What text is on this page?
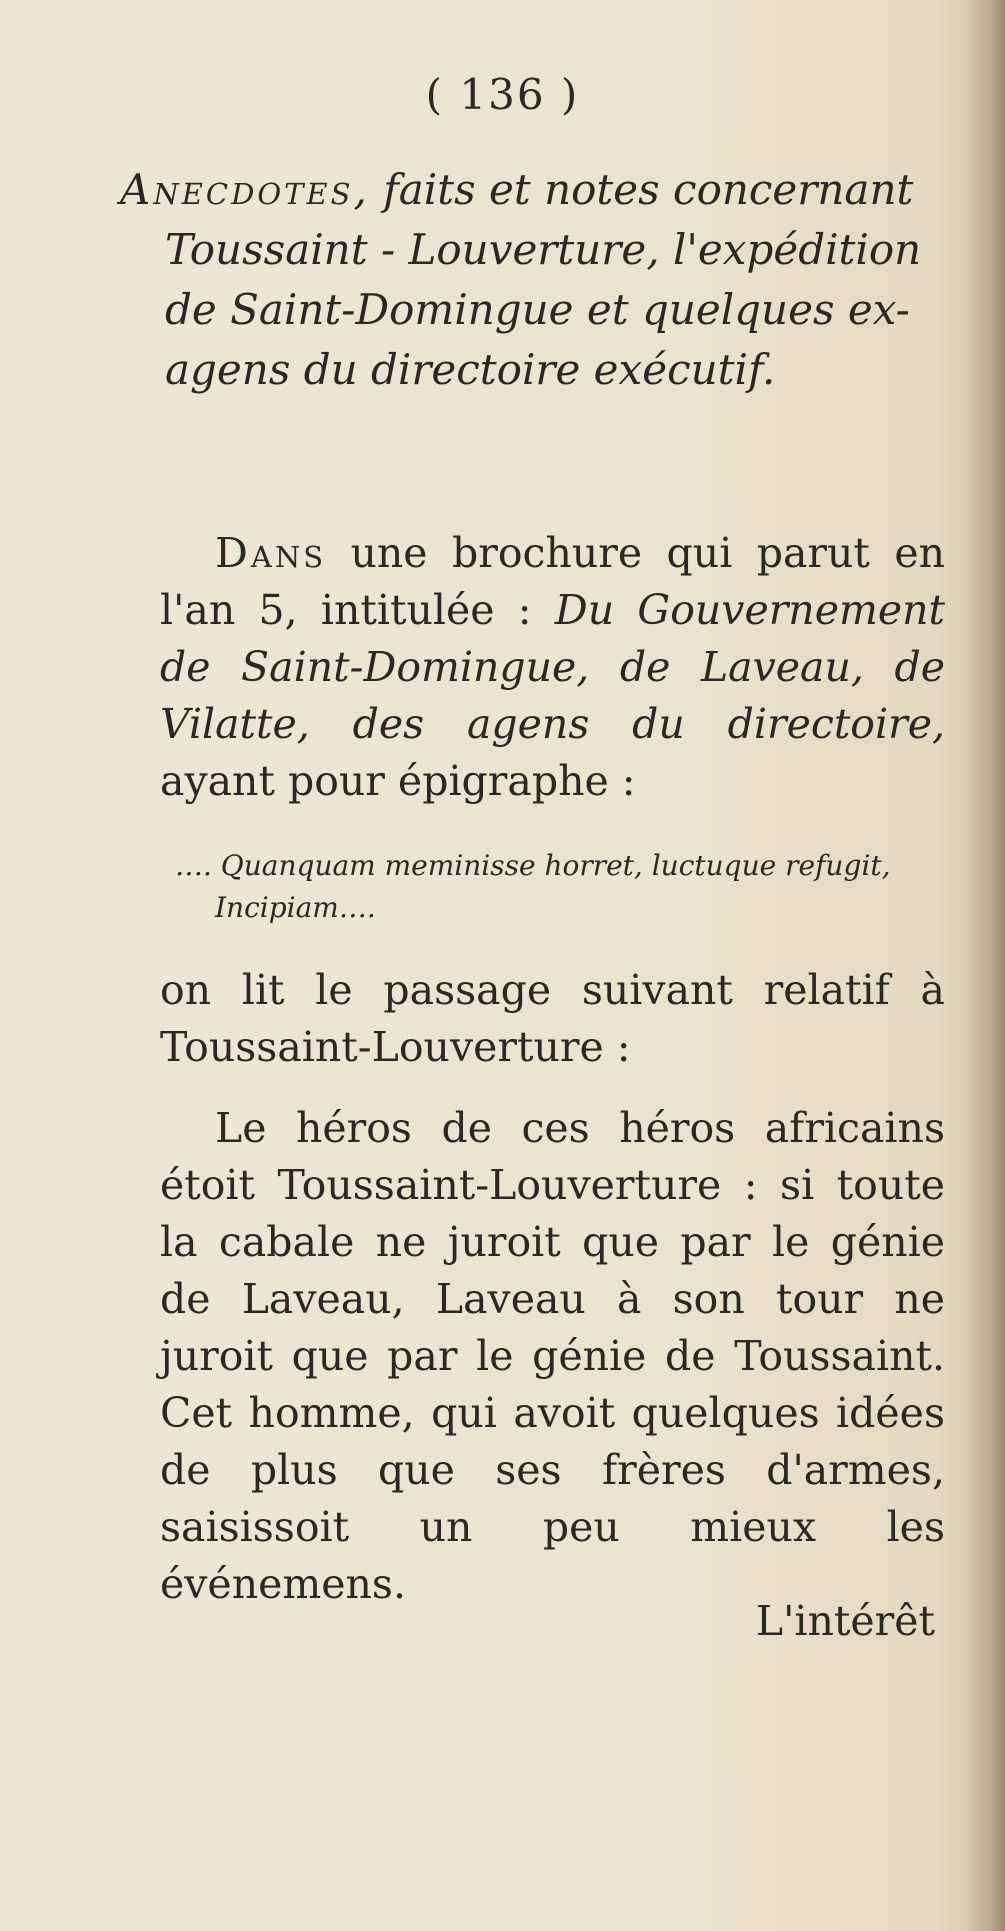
( 136 )
Anecdotes, faits et notes concernant Toussaint - Louverture, l'expédition de Saint-Domingue et quelques ex-agens du directoire exécutif.
Dans une brochure qui parut en l'an 5, intitulée : Du Gouvernement de Saint-Domingue, de Laveau, de Vilatte, des agens du directoire, ayant pour épigraphe :
…. Quanquam meminisse horret, luctuque refugit,
Incipiam….
on lit le passage suivant relatif à Toussaint-Louverture :
Le héros de ces héros africains étoit Toussaint-Louverture : si toute la cabale ne juroit que par le génie de Laveau, Laveau à son tour ne juroit que par le génie de Toussaint. Cet homme, qui avoit quelques idées de plus que ses frères d'armes, saisissoit un peu mieux les événemens.
L'intérêt
